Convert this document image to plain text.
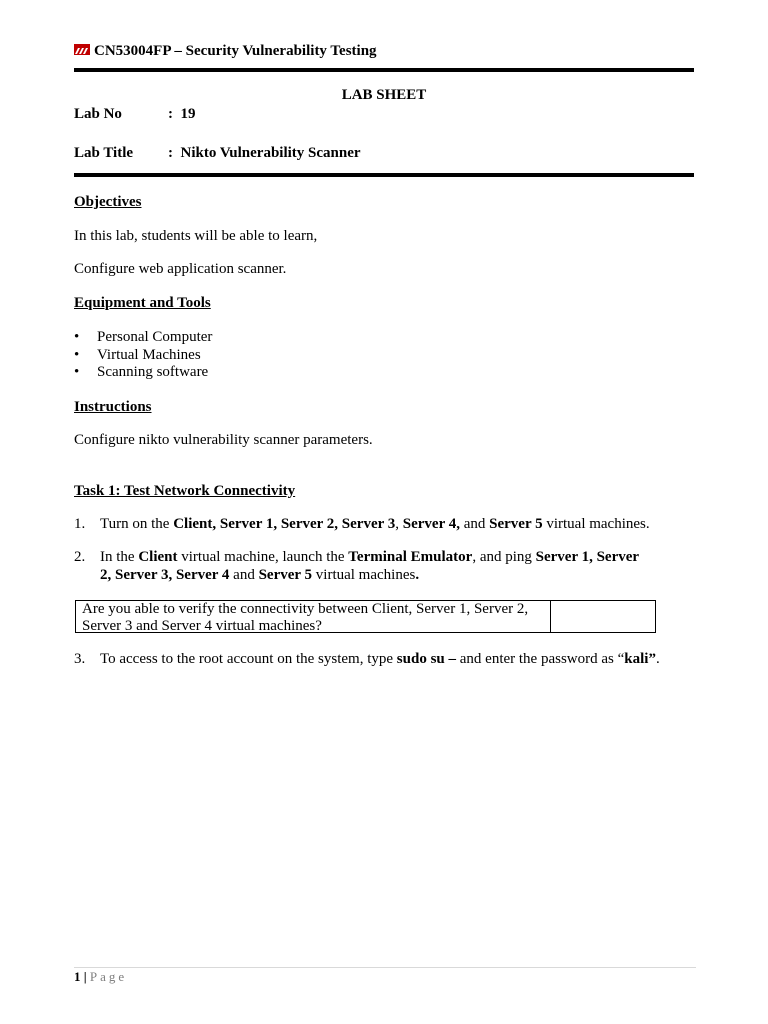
CN53004FP – Security Vulnerability Testing
LAB SHEET
Lab No	: 19
Lab Title : Nikto Vulnerability Scanner
Objectives
In this lab, students will be able to learn,
Configure web application scanner.
Equipment and Tools
• Personal Computer
• Virtual Machines
• Scanning software
Instructions
Configure nikto vulnerability scanner parameters.
Task 1: Test Network Connectivity
1. Turn on the Client, Server 1, Server 2, Server 3, Server 4, and Server 5 virtual machines.
2. In the Client virtual machine, launch the Terminal Emulator, and ping Server 1, Server
2, Server 3, Server 4 and Server 5 virtual machines.
Are you able to verify the connectivity between Client, Server 1, Server 2,
Server 3 and Server 4 virtual machines?
3. To access to the root account on the system, type sudo su – and enter the password as “kali”.
1 | Page
